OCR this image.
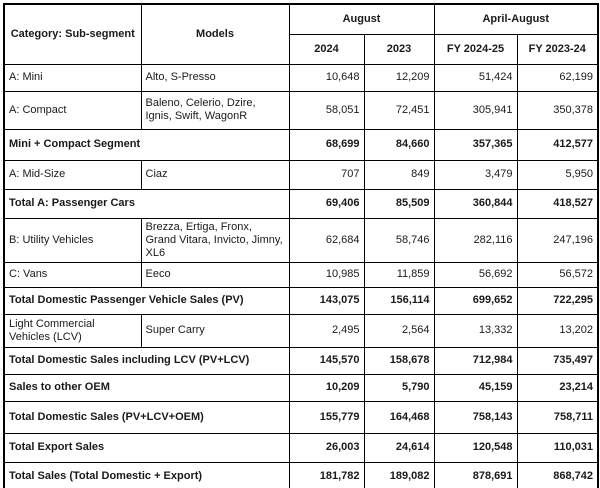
Category: Sub-segment	Models	August		April-August	
		2024	2023	FY 2024-25	FY 2023-24
A: Mini	Alto, S-Presso	10,648	12,209	51,424	62,199
A: Compact	Baleno, Celerio, Dzire, Ignis, Swift, WagonR	58,051	72,451	305,941	350,378
Mini + Compact Segment		68,699	84,660	357,365	412,577
A: Mid-Size	Ciaz	707	849	3,479	5,950
Total A: Passenger Cars		69,406	85,509	360,844	418,527
B: Utility Vehicles	Brezza, Ertiga, Fronx, Grand Vitara, Invicto, Jimny, XL6	62,684	58,746	282,116	247,196
C: Vans	Eeco	10,985	11,859	56,692	56,572
Total Domestic Passenger Vehicle Sales (PV)		143,075	156,114	699,652	722,295
Light Commercial Vehicles (LCV)	Super Carry	2,495	2,564	13,332	13,202
Total Domestic Sales including LCV (PV+LCV)		145,570	158,678	712,984	735,497
Sales to other OEM		10,209	5,790	45,159	23,214
Total Domestic Sales (PV+LCV+OEM)		155,779	164,468	758,143	758,711
Total Export Sales		26,003	24,614	120,548	110,031
Total Sales (Total Domestic + Export)		181,782	189,082	878,691	868,742
